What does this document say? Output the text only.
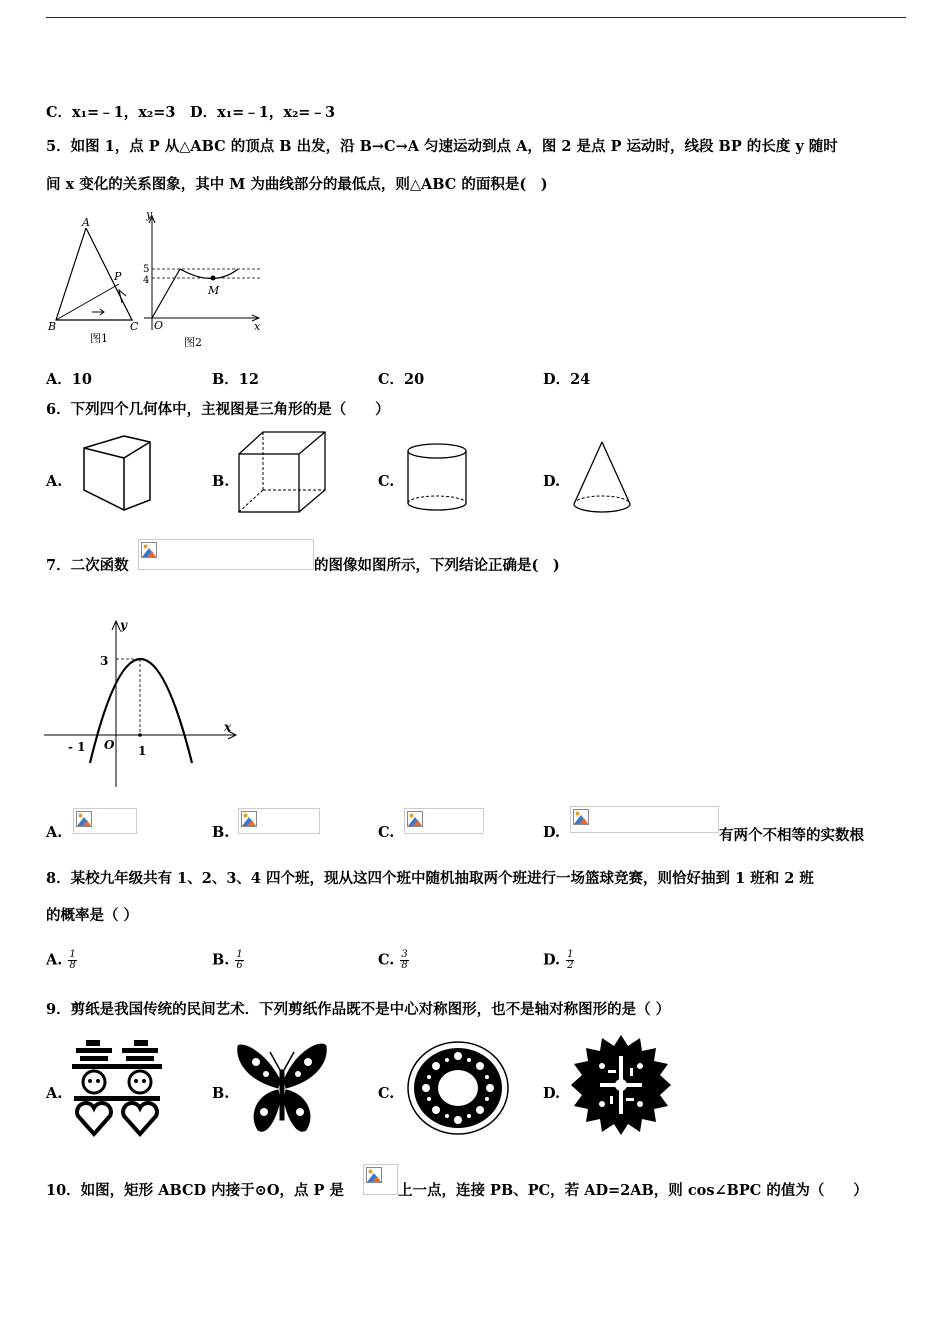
C．x₁=﹣1，x₂=3　D．x₁=﹣1，x₂=﹣3
5．如图 1，点 P 从△ABC 的顶点 B 出发，沿 B→C→A 匀速运动到点 A，图 2 是点 P 运动时，线段 BP 的长度 y 随时
间 x 变化的关系图象，其中 M 为曲线部分的最低点，则△ABC 的面积是(　)
A
B	C
P
图1
y
x
O
5
4
M
图2
A．10	B．12	C．20	D．24
6．下列四个几何体中，主视图是三角形的是（　　）
A.	B.	C.	D.
7．二次函数	的图像如图所示，下列结论正确是(　)
y
x
3
- 1 O 1
A.	B.	C.	D.	有两个不相等的实数根
8．某校九年级共有 1、2、3、4 四个班，现从这四个班中随机抽取两个班进行一场篮球竞赛，则恰好抽到 1 班和 2 班
的概率是（ ）
A. $\frac{1}{8}$	B. $\frac{1}{6}$	C. $\frac{3}{8}$	D. $\frac{1}{2}$
9．剪纸是我国传统的民间艺术．下列剪纸作品既不是中心对称图形，也不是轴对称图形的是（ ）
A.	B.	C.	D.
10．如图，矩形 ABCD 内接于⊙O，点 P 是	上一点，连接 PB、PC，若 AD=2AB，则 cos∠BPC 的值为（　　）
